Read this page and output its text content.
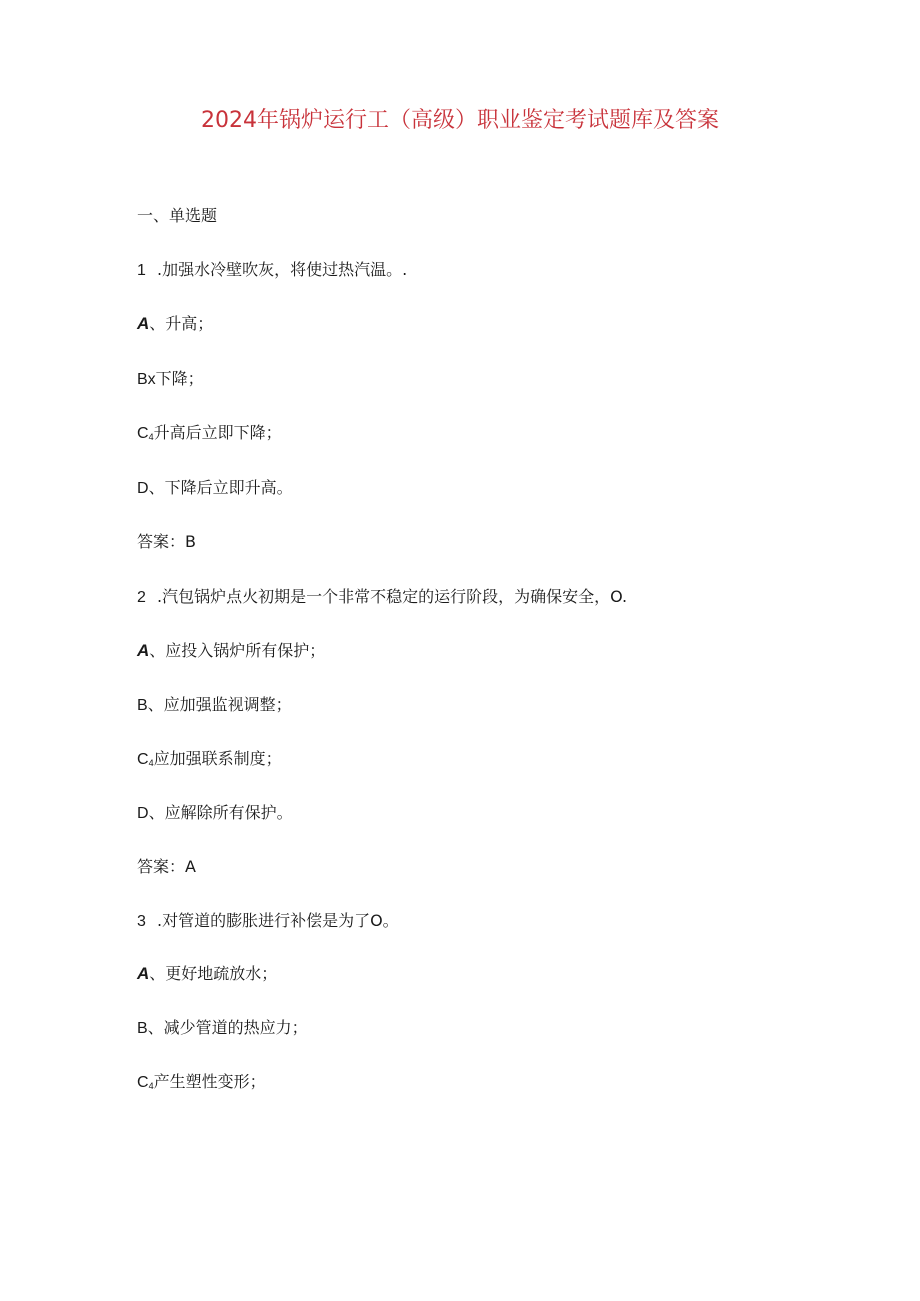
2024年锅炉运行工（高级）职业鉴定考试题库及答案
一、单选题
1 .加强水冷壁吹灰，将使过热汽温。.
A、升高；
Bx下降；
C4升高后立即下降；
D、下降后立即升高。
答案：B
2 .汽包锅炉点火初期是一个非常不稳定的运行阶段，为确保安全，O.
A、应投入锅炉所有保护；
B、应加强监视调整；
C4应加强联系制度；
D、应解除所有保护。
答案：A
3 .对管道的膨胀进行补偿是为了O。
A、更好地疏放水；
B、减少管道的热应力；
C4产生塑性变形；
